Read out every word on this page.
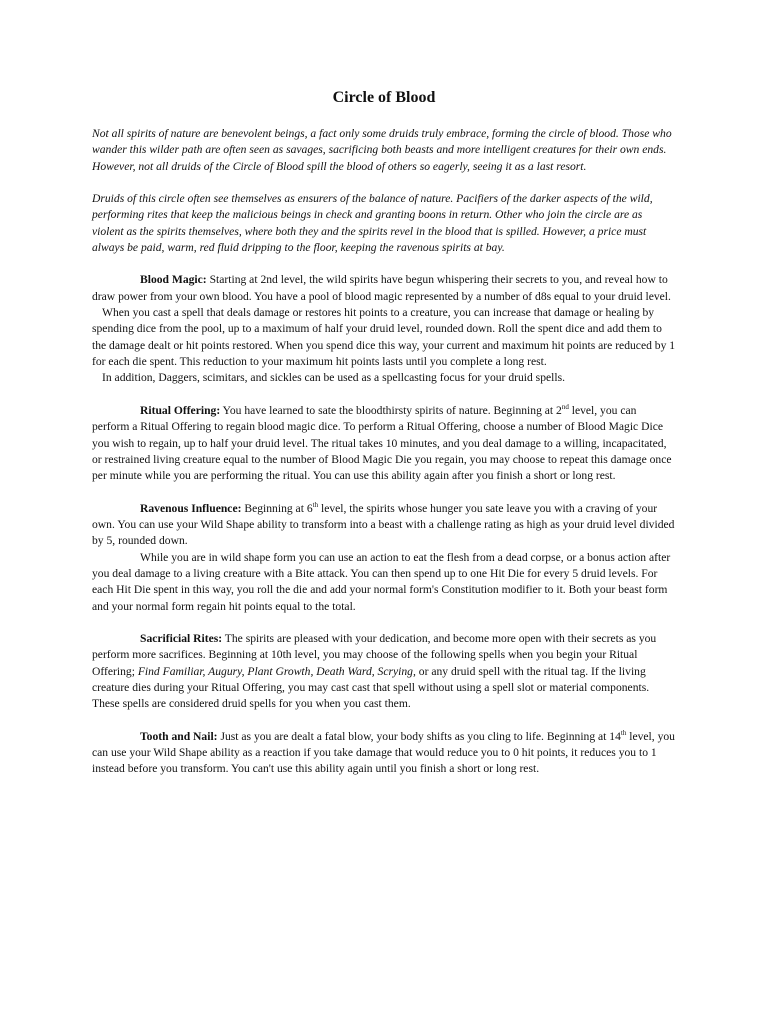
Circle of Blood

Not all spirits of nature are benevolent beings, a fact only some druids truly embrace, forming the circle of blood. Those who wander this wilder path are often seen as savages, sacrificing both beasts and more intelligent creatures for their own ends. However, not all druids of the Circle of Blood spill the blood of others so eagerly, seeing it as a last resort.

Druids of this circle often see themselves as ensurers of the balance of nature. Pacifiers of the darker aspects of the wild, performing rites that keep the malicious beings in check and granting boons in return. Other who join the circle are as violent as the spirits themselves, where both they and the spirits revel in the blood that is spilled. However, a price must always be paid, warm, red fluid dripping to the floor, keeping the ravenous spirits at bay.

Blood Magic: Starting at 2nd level, the wild spirits have begun whispering their secrets to you, and reveal how to draw power from your own blood. You have a pool of blood magic represented by a number of d8s equal to your druid level.

When you cast a spell that deals damage or restores hit points to a creature, you can increase that damage or healing by spending dice from the pool, up to a maximum of half your druid level, rounded down. Roll the spent dice and add them to the damage dealt or hit points restored. When you spend dice this way, your current and maximum hit points are reduced by 1 for each die spent. This reduction to your maximum hit points lasts until you complete a long rest.

In addition, Daggers, scimitars, and sickles can be used as a spellcasting focus for your druid spells.

Ritual Offering: You have learned to sate the bloodthirsty spirits of nature. Beginning at 2nd level, you can perform a Ritual Offering to regain blood magic dice. To perform a Ritual Offering, choose a number of Blood Magic Dice you wish to regain, up to half your druid level. The ritual takes 10 minutes, and you deal damage to a willing, incapacitated, or restrained living creature equal to the number of Blood Magic Die you regain, you may choose to repeat this damage once per minute while you are performing the ritual. You can use this ability again after you finish a short or long rest.

Ravenous Influence: Beginning at 6th level, the spirits whose hunger you sate leave you with a craving of your own. You can use your Wild Shape ability to transform into a beast with a challenge rating as high as your druid level divided by 5, rounded down.

While you are in wild shape form you can use an action to eat the flesh from a dead corpse, or a bonus action after you deal damage to a living creature with a Bite attack. You can then spend up to one Hit Die for every 5 druid levels. For each Hit Die spent in this way, you roll the die and add your normal form's Constitution modifier to it. Both your beast form and your normal form regain hit points equal to the total.

Sacrificial Rites: The spirits are pleased with your dedication, and become more open with their secrets as you perform more sacrifices. Beginning at 10th level, you may choose of the following spells when you begin your Ritual Offering; Find Familiar, Augury, Plant Growth, Death Ward, Scrying, or any druid spell with the ritual tag. If the living creature dies during your Ritual Offering, you may cast cast that spell without using a spell slot or material components. These spells are considered druid spells for you when you cast them.

Tooth and Nail: Just as you are dealt a fatal blow, your body shifts as you cling to life. Beginning at 14th level, you can use your Wild Shape ability as a reaction if you take damage that would reduce you to 0 hit points, it reduces you to 1 instead before you transform. You can't use this ability again until you finish a short or long rest.
